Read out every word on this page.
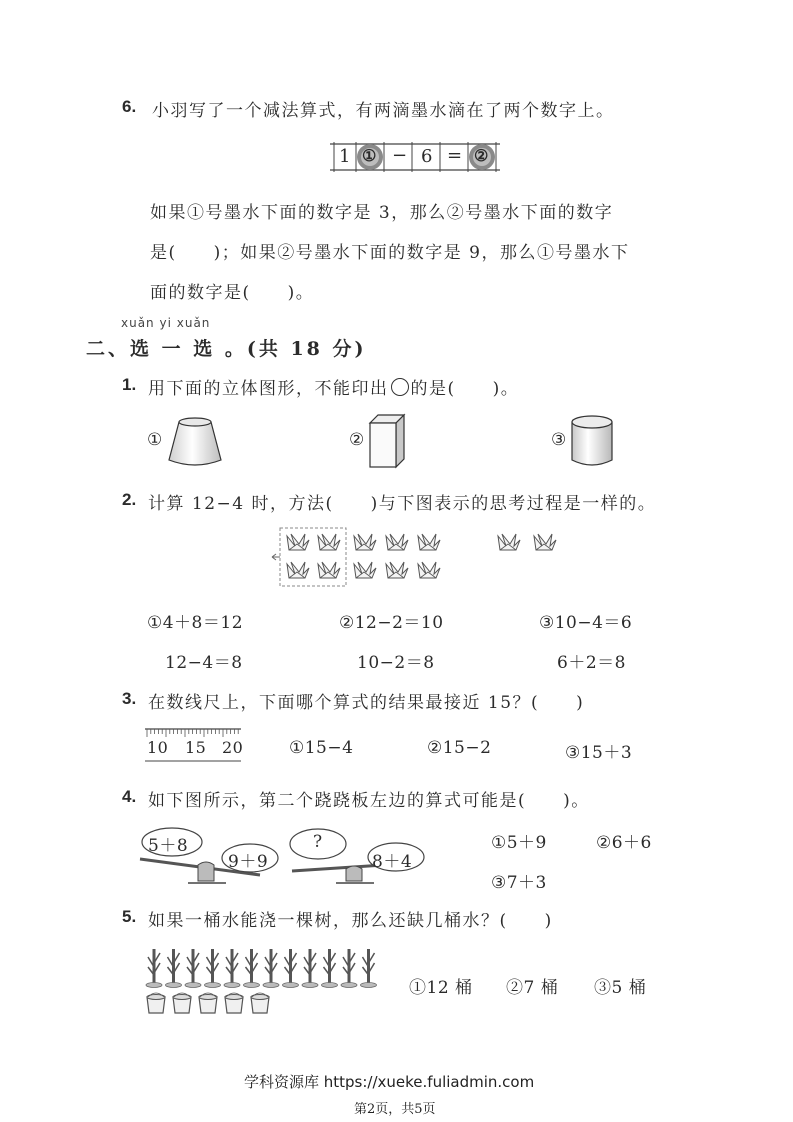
6. 小羽写了一个减法算式，有两滴墨水滴在了两个数字上。
1 ① − 6 = ②
如果①号墨水下面的数字是 3，那么②号墨水下面的数字
是(　　)；如果②号墨水下面的数字是 9，那么①号墨水下
面的数字是(　　)。
xuǎn yi xuǎn
二、选 一 选 。(共 18 分)
1. 用下面的立体图形，不能印出 的是(　　)。
①	②	③
2. 计算 12−4 时，方法(　　)与下图表示的思考过程是一样的。
①4＋8＝12
12−4＝8
②12−2＝10
10−2＝8
③10−4＝6
6＋2＝8
3. 在数线尺上，下面哪个算式的结果最接近 15？(　　)
10 15 20	①15−4	②15−2	③15＋3
4. 如下图所示，第二个跷跷板左边的算式可能是(　　)。
5＋8
9＋9
?
8＋4
①5＋9	②6＋6
③7＋3
5. 如果一桶水能浇一棵树，那么还缺几桶水？(　　)
①12 桶 ②7 桶 ③5 桶
学科资源库 https://xueke.fuliadmin.com
第2页，共5页
